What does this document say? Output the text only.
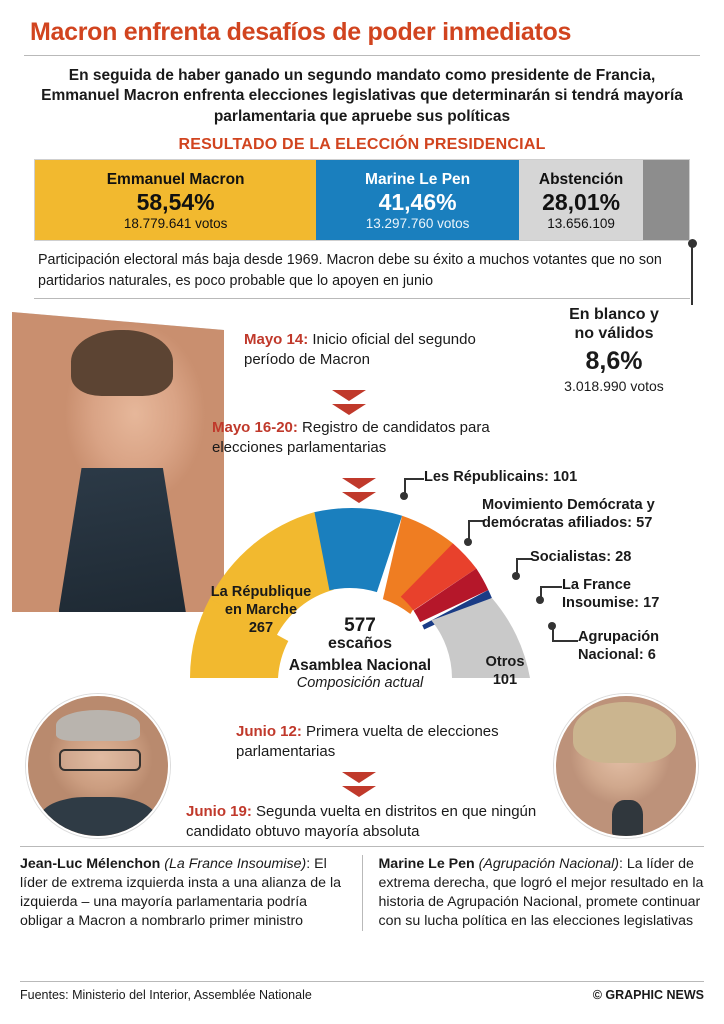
Macron enfrenta desafíos de poder inmediatos
En seguida de haber ganado un segundo mandato como presidente de Francia, Emmanuel Macron enfrenta elecciones legislativas que determinarán si tendrá mayoría parlamentaria que apruebe sus políticas
RESULTADO DE LA ELECCIÓN PRESIDENCIAL
Emmanuel Macron
58,54%
18.779.641 votos
Marine Le Pen
41,46%
13.297.760 votos
Abstención
28,01%
13.656.109
Participación electoral más baja desde 1969. Macron debe su éxito a muchos votantes que no son partidarios naturales, es poco probable que lo apoyen en junio
En blanco y
no válidos
8,6%
3.018.990 votos
Mayo 14: Inicio oficial del segundo período de Macron
Mayo 16-20: Registro de candidatos para elecciones parlamentarias
Junio 12: Primera vuelta de elecciones parlamentarias
Junio 19: Segunda vuelta en distritos en que ningún candidato obtuvo mayoría absoluta
577
escaños
Asamblea Nacional
Composición actual
La République
en Marche
267
Otros
101
Les Républicains: 101
Movimiento Demócrata y demócratas afiliados: 57
Socialistas: 28
La France Insoumise: 17
Agrupación Nacional: 6
Jean-Luc Mélenchon (La France Insoumise): El líder de extrema izquierda insta a una alianza de la izquierda – una mayoría parlamentaria podría obligar a Macron a nombrarlo primer ministro
Marine Le Pen (Agrupación Nacional): La líder de extrema derecha, que logró el mejor resultado en la historia de Agrupación Nacional, promete continuar con su lucha política en las elecciones legislativas
Fuentes: Ministerio del Interior, Assemblée Nationale	© GRAPHIC NEWS
